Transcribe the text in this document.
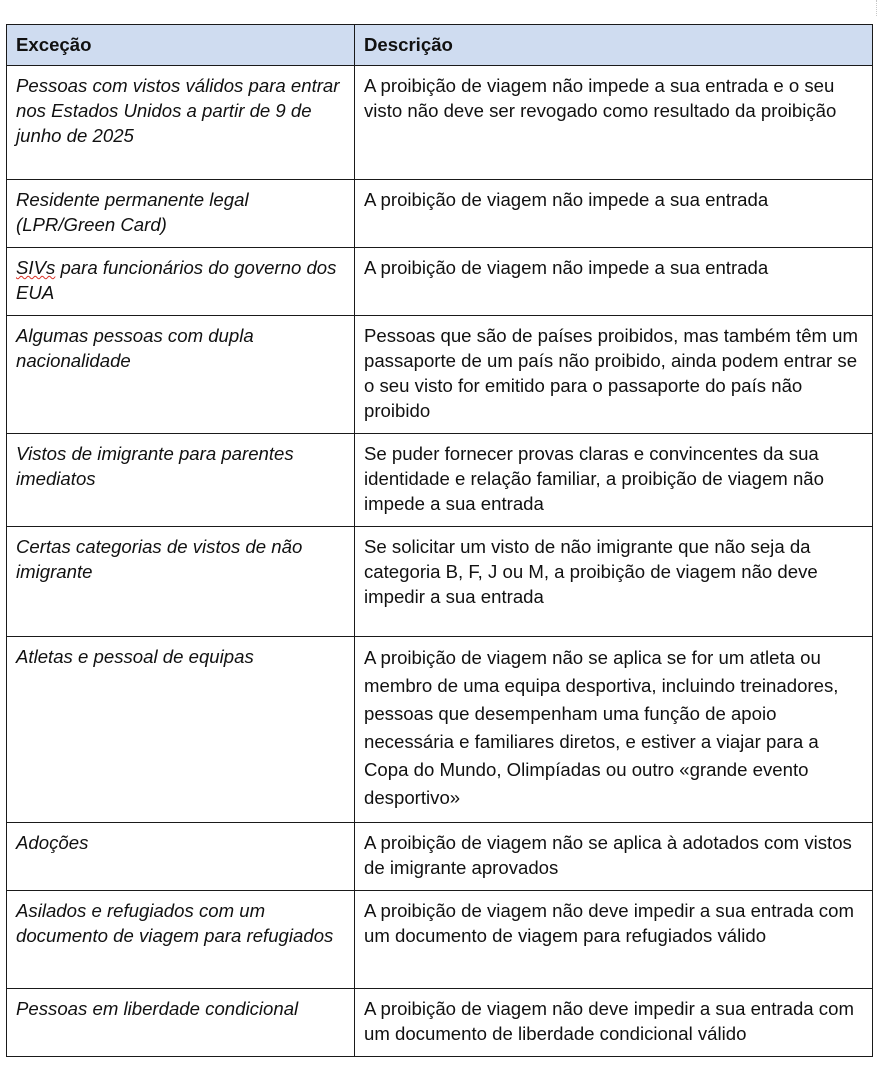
Exceção	Descrição
Pessoas com vistos válidos para entrar nos Estados Unidos a partir de 9 de junho de 2025	A proibição de viagem não impede a sua entrada e o seu visto não deve ser revogado como resultado da proibição
Residente permanente legal (LPR/Green Card)	A proibição de viagem não impede a sua entrada
SIVs para funcionários do governo dos EUA	A proibição de viagem não impede a sua entrada
Algumas pessoas com dupla nacionalidade	Pessoas que são de países proibidos, mas também têm um passaporte de um país não proibido, ainda podem entrar se o seu visto for emitido para o passaporte do país não proibido
Vistos de imigrante para parentes imediatos	Se puder fornecer provas claras e convincentes da sua identidade e relação familiar, a proibição de viagem não impede a sua entrada
Certas categorias de vistos de não imigrante	Se solicitar um visto de não imigrante que não seja da categoria B, F, J ou M, a proibição de viagem não deve impedir a sua entrada
Atletas e pessoal de equipas	A proibição de viagem não se aplica se for um atleta ou membro de uma equipa desportiva, incluindo treinadores, pessoas que desempenham uma função de apoio necessária e familiares diretos, e estiver a viajar para a Copa do Mundo, Olimpíadas ou outro «grande evento desportivo»
Adoções	A proibição de viagem não se aplica à adotados com vistos de imigrante aprovados
Asilados e refugiados com um documento de viagem para refugiados	A proibição de viagem não deve impedir a sua entrada com um documento de viagem para refugiados válido
Pessoas em liberdade condicional	A proibição de viagem não deve impedir a sua entrada com um documento de liberdade condicional válido
